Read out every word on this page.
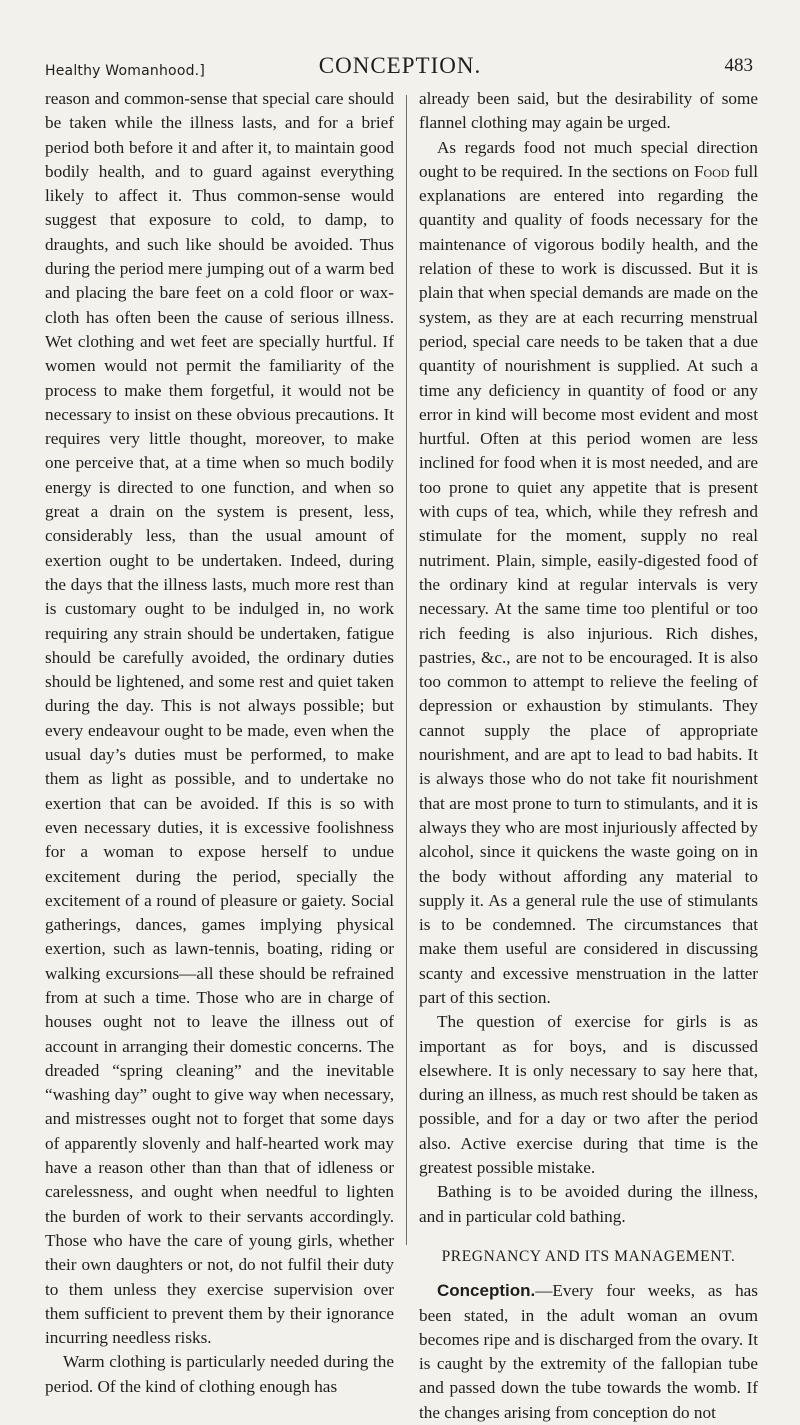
Healthy Womanhood.]	CONCEPTION.	483

reason and common-sense that special care should be taken while the illness lasts, and for a brief period both before it and after it, to maintain good bodily health, and to guard against everything likely to affect it. Thus common-sense would suggest that exposure to cold, to damp, to draughts, and such like should be avoided. Thus during the period mere jumping out of a warm bed and placing the bare feet on a cold floor or wax-cloth has often been the cause of serious illness. Wet clothing and wet feet are specially hurtful. If women would not permit the familiarity of the process to make them forgetful, it would not be necessary to insist on these obvious precautions. It requires very little thought, moreover, to make one perceive that, at a time when so much bodily energy is directed to one function, and when so great a drain on the system is present, less, considerably less, than the usual amount of exertion ought to be undertaken. Indeed, during the days that the illness lasts, much more rest than is customary ought to be indulged in, no work requiring any strain should be undertaken, fatigue should be carefully avoided, the ordinary duties should be lightened, and some rest and quiet taken during the day. This is not always possible; but every endeavour ought to be made, even when the usual day’s duties must be performed, to make them as light as possible, and to undertake no exertion that can be avoided. If this is so with even necessary duties, it is excessive foolishness for a woman to expose herself to undue excitement during the period, specially the excitement of a round of pleasure or gaiety. Social gatherings, dances, games implying physical exertion, such as lawn-tennis, boating, riding or walking excursions—all these should be refrained from at such a time. Those who are in charge of houses ought not to leave the illness out of account in arranging their domestic concerns. The dreaded “spring cleaning” and the inevitable “washing day” ought to give way when necessary, and mistresses ought not to forget that some days of apparently slovenly and half-hearted work may have a reason other than than that of idleness or carelessness, and ought when needful to lighten the burden of work to their servants accordingly. Those who have the care of young girls, whether their own daughters or not, do not fulfil their duty to them unless they exercise supervision over them sufficient to prevent them by their ignorance incurring needless risks.

Warm clothing is particularly needed during the period. Of the kind of clothing enough has

already been said, but the desirability of some flannel clothing may again be urged.

As regards food not much special direction ought to be required. In the sections on Food full explanations are entered into regarding the quantity and quality of foods necessary for the maintenance of vigorous bodily health, and the relation of these to work is discussed. But it is plain that when special demands are made on the system, as they are at each recurring menstrual period, special care needs to be taken that a due quantity of nourishment is supplied. At such a time any deficiency in quantity of food or any error in kind will become most evident and most hurtful. Often at this period women are less inclined for food when it is most needed, and are too prone to quiet any appetite that is present with cups of tea, which, while they refresh and stimulate for the moment, supply no real nutriment. Plain, simple, easily-digested food of the ordinary kind at regular intervals is very necessary. At the same time too plentiful or too rich feeding is also injurious. Rich dishes, pastries, &c., are not to be encouraged. It is also too common to attempt to relieve the feeling of depression or exhaustion by stimulants. They cannot supply the place of appropriate nourishment, and are apt to lead to bad habits. It is always those who do not take fit nourishment that are most prone to turn to stimulants, and it is always they who are most injuriously affected by alcohol, since it quickens the waste going on in the body without affording any material to supply it. As a general rule the use of stimulants is to be condemned. The circumstances that make them useful are considered in discussing scanty and excessive menstruation in the latter part of this section.

The question of exercise for girls is as important as for boys, and is discussed elsewhere. It is only necessary to say here that, during an illness, as much rest should be taken as possible, and for a day or two after the period also. Active exercise during that time is the greatest possible mistake.

Bathing is to be avoided during the illness, and in particular cold bathing.

PREGNANCY AND ITS MANAGEMENT.

Conception.—Every four weeks, as has been stated, in the adult woman an ovum becomes ripe and is discharged from the ovary. It is caught by the extremity of the fallopian tube and passed down the tube towards the womb. If the changes arising from conception do not
